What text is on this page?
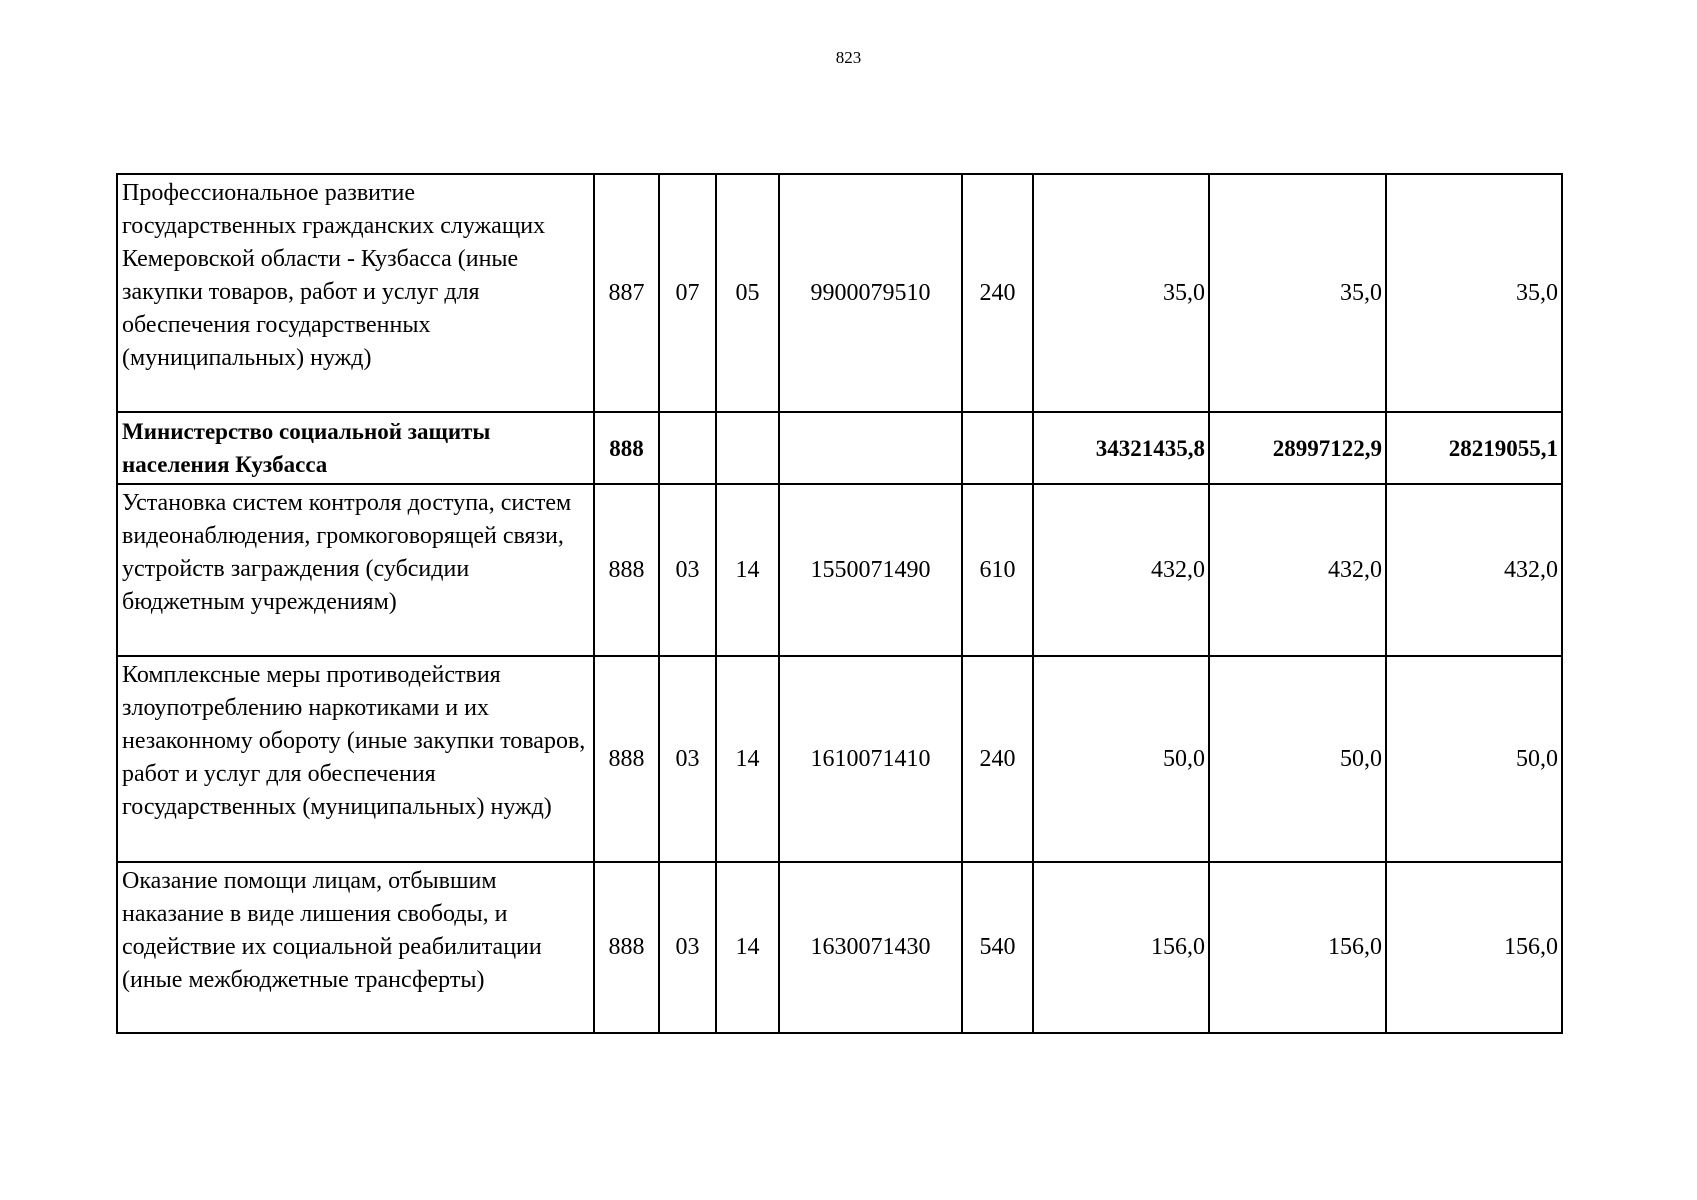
823
Профессиональное развитие государственных гражданских служащих Кемеровской области - Кузбасса (иные закупки товаров, работ и услуг для обеспечения государственных (муниципальных) нужд)	887	07	05	9900079510	240	35,0	35,0	35,0
Министерство социальной защиты населения Кузбасса	888					34321435,8	28997122,9	28219055,1
Установка систем контроля доступа, систем видеонаблюдения, громкоговорящей связи, устройств заграждения (субсидии бюджетным учреждениям)	888	03	14	1550071490	610	432,0	432,0	432,0
Комплексные меры противодействия злоупотреблению наркотиками и их незаконному обороту (иные закупки товаров, работ и услуг для обеспечения государственных (муниципальных) нужд)	888	03	14	1610071410	240	50,0	50,0	50,0
Оказание помощи лицам, отбывшим наказание в виде лишения свободы, и содействие их социальной реабилитации (иные межбюджетные трансферты)	888	03	14	1630071430	540	156,0	156,0	156,0
